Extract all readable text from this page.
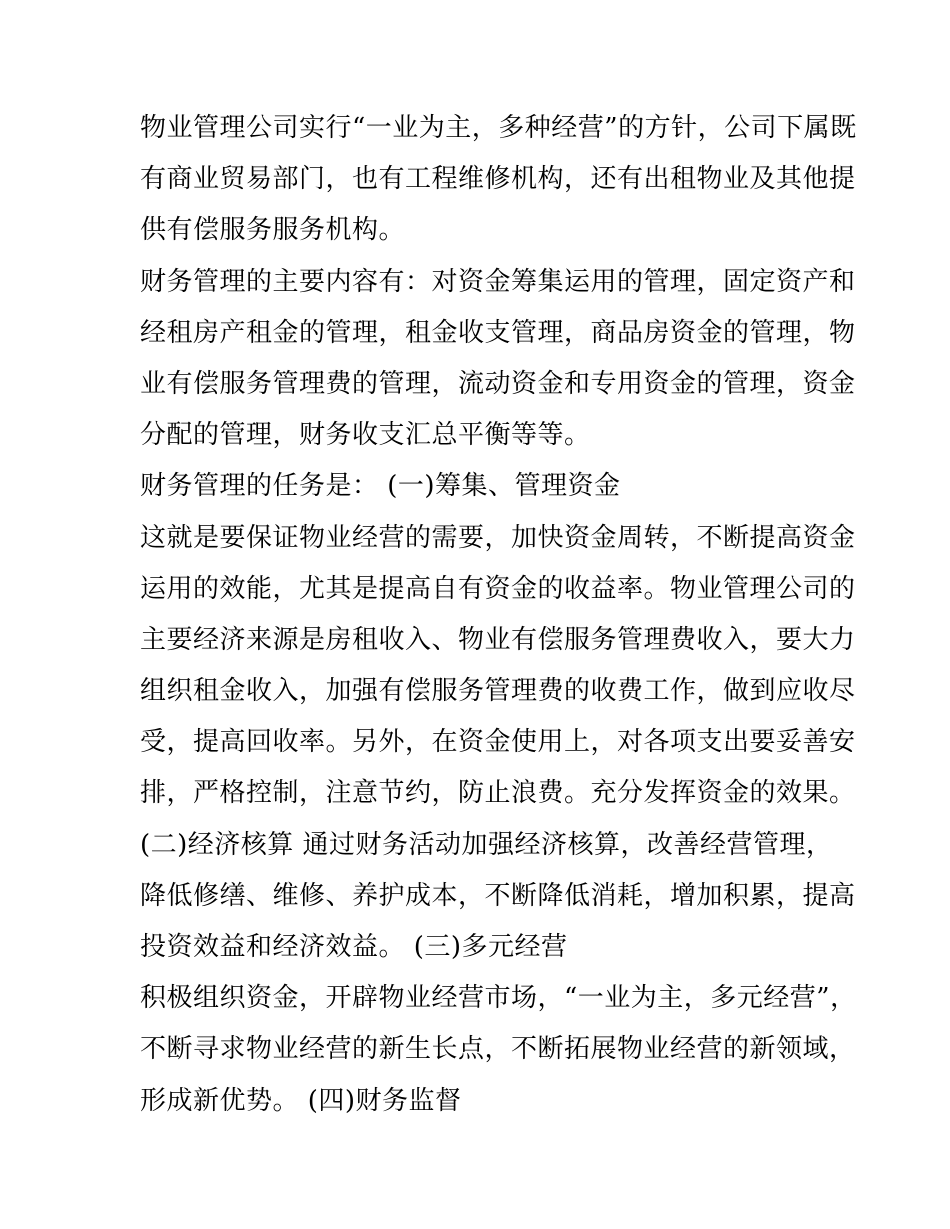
物业管理公司实行“一业为主，多种经营”的方针，公司下属既
有商业贸易部门，也有工程维修机构，还有出租物业及其他提
供有偿服务服务机构。
财务管理的主要内容有：对资金筹集运用的管理，固定资产和
经租房产租金的管理，租金收支管理，商品房资金的管理，物
业有偿服务管理费的管理，流动资金和专用资金的管理，资金
分配的管理，财务收支汇总平衡等等。
财务管理的任务是： (一)筹集、管理资金
这就是要保证物业经营的需要，加快资金周转，不断提高资金
运用的效能，尤其是提高自有资金的收益率。物业管理公司的
主要经济来源是房租收入、物业有偿服务管理费收入，要大力
组织租金收入，加强有偿服务管理费的收费工作，做到应收尽
受，提高回收率。另外，在资金使用上，对各项支出要妥善安
排，严格控制，注意节约，防止浪费。充分发挥资金的效果。
(二)经济核算 通过财务活动加强经济核算，改善经营管理，
降低修缮、维修、养护成本，不断降低消耗，增加积累，提高
投资效益和经济效益。 (三)多元经营
积极组织资金，开辟物业经营市场，“一业为主，多元经营”，
不断寻求物业经营的新生长点，不断拓展物业经营的新领域，
形成新优势。 (四)财务监督
